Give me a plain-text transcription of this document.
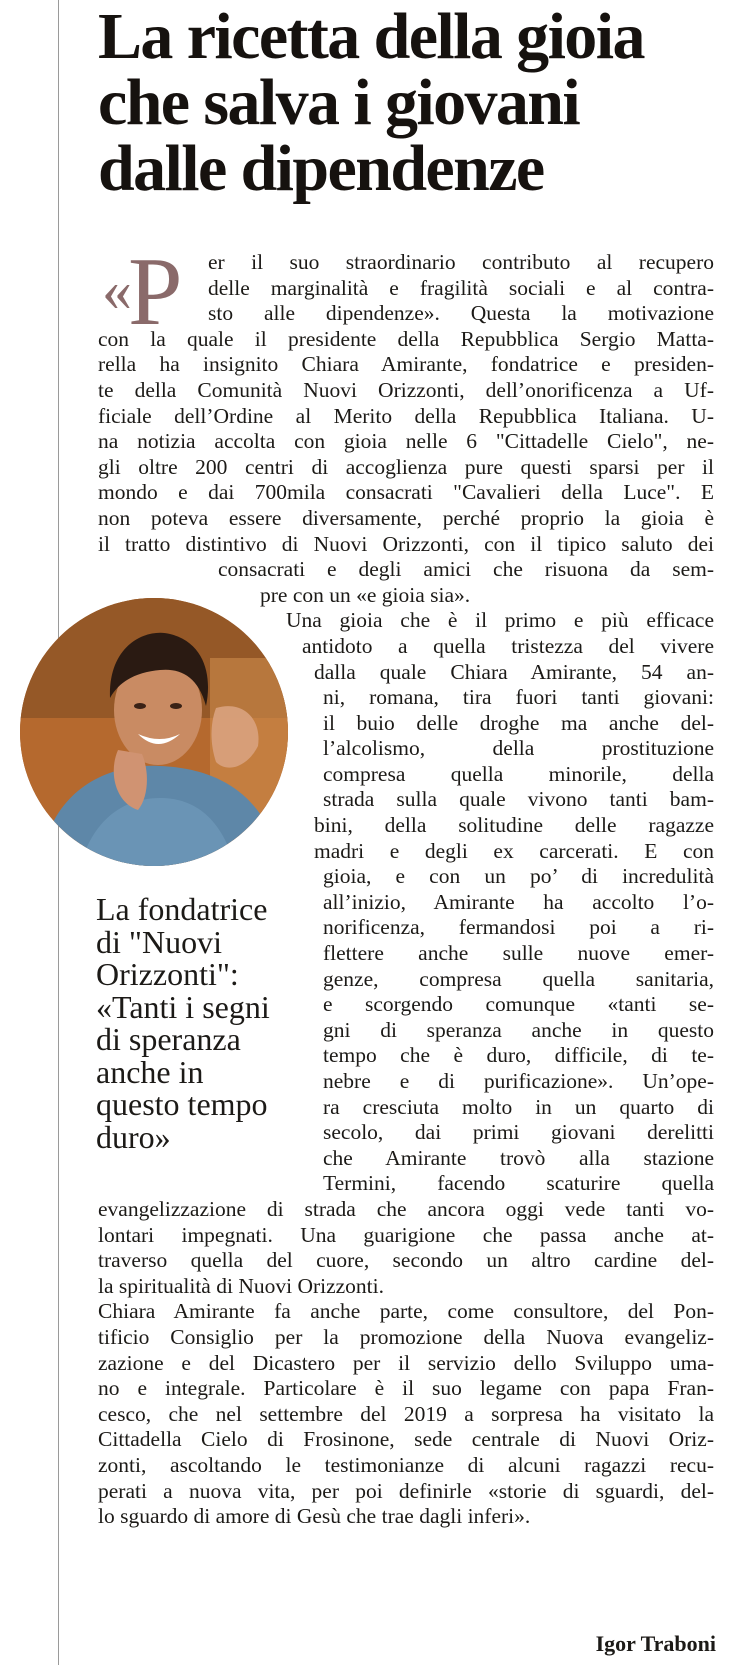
La ricetta della gioia
che salva i giovani
dalle dipendenze
«P
La fondatrice
di "Nuovi
Orizzonti":
«Tanti i segni
di speranza
anche in
questo tempo
duro»
er il suo straordinario contributo al recupero
delle marginalità e fragilità sociali e al contra-
sto alle dipendenze». Questa la motivazione
con la quale il presidente della Repubblica Sergio Matta-
rella ha insignito Chiara Amirante, fondatrice e presiden-
te della Comunità Nuovi Orizzonti, dell’onorificenza a Uf-
ficiale dell’Ordine al Merito della Repubblica Italiana. U-
na notizia accolta con gioia nelle 6 "Cittadelle Cielo", ne-
gli oltre 200 centri di accoglienza pure questi sparsi per il
mondo e dai 700mila consacrati "Cavalieri della Luce". E
non poteva essere diversamente, perché proprio la gioia è
il tratto distintivo di Nuovi Orizzonti, con il tipico saluto dei
consacrati e degli amici che risuona da sem-
pre con un «e gioia sia».
Una gioia che è il primo e più efficace
antidoto a quella tristezza del vivere
dalla quale Chiara Amirante, 54 an-
ni, romana, tira fuori tanti giovani:
il buio delle droghe ma anche del-
l’alcolismo, della prostituzione
compresa quella minorile, della
strada sulla quale vivono tanti bam-
bini, della solitudine delle ragazze
madri e degli ex carcerati. E con
gioia, e con un po’ di incredulità
all’inizio, Amirante ha accolto l’o-
norificenza, fermandosi poi a ri-
flettere anche sulle nuove emer-
genze, compresa quella sanitaria,
e scorgendo comunque «tanti se-
gni di speranza anche in questo
tempo che è duro, difficile, di te-
nebre e di purificazione». Un’ope-
ra cresciuta molto in un quarto di
secolo, dai primi giovani derelitti
che Amirante trovò alla stazione
Termini, facendo scaturire quella
evangelizzazione di strada che ancora oggi vede tanti vo-
lontari impegnati. Una guarigione che passa anche at-
traverso quella del cuore, secondo un altro cardine del-
la spiritualità di Nuovi Orizzonti.
Chiara Amirante fa anche parte, come consultore, del Pon-
tificio Consiglio per la promozione della Nuova evangeliz-
zazione e del Dicastero per il servizio dello Sviluppo uma-
no e integrale. Particolare è il suo legame con papa Fran-
cesco, che nel settembre del 2019 a sorpresa ha visitato la
Cittadella Cielo di Frosinone, sede centrale di Nuovi Oriz-
zonti, ascoltando le testimonianze di alcuni ragazzi recu-
perati a nuova vita, per poi definirle «storie di sguardi, del-
lo sguardo di amore di Gesù che trae dagli inferi».
Igor Traboni
